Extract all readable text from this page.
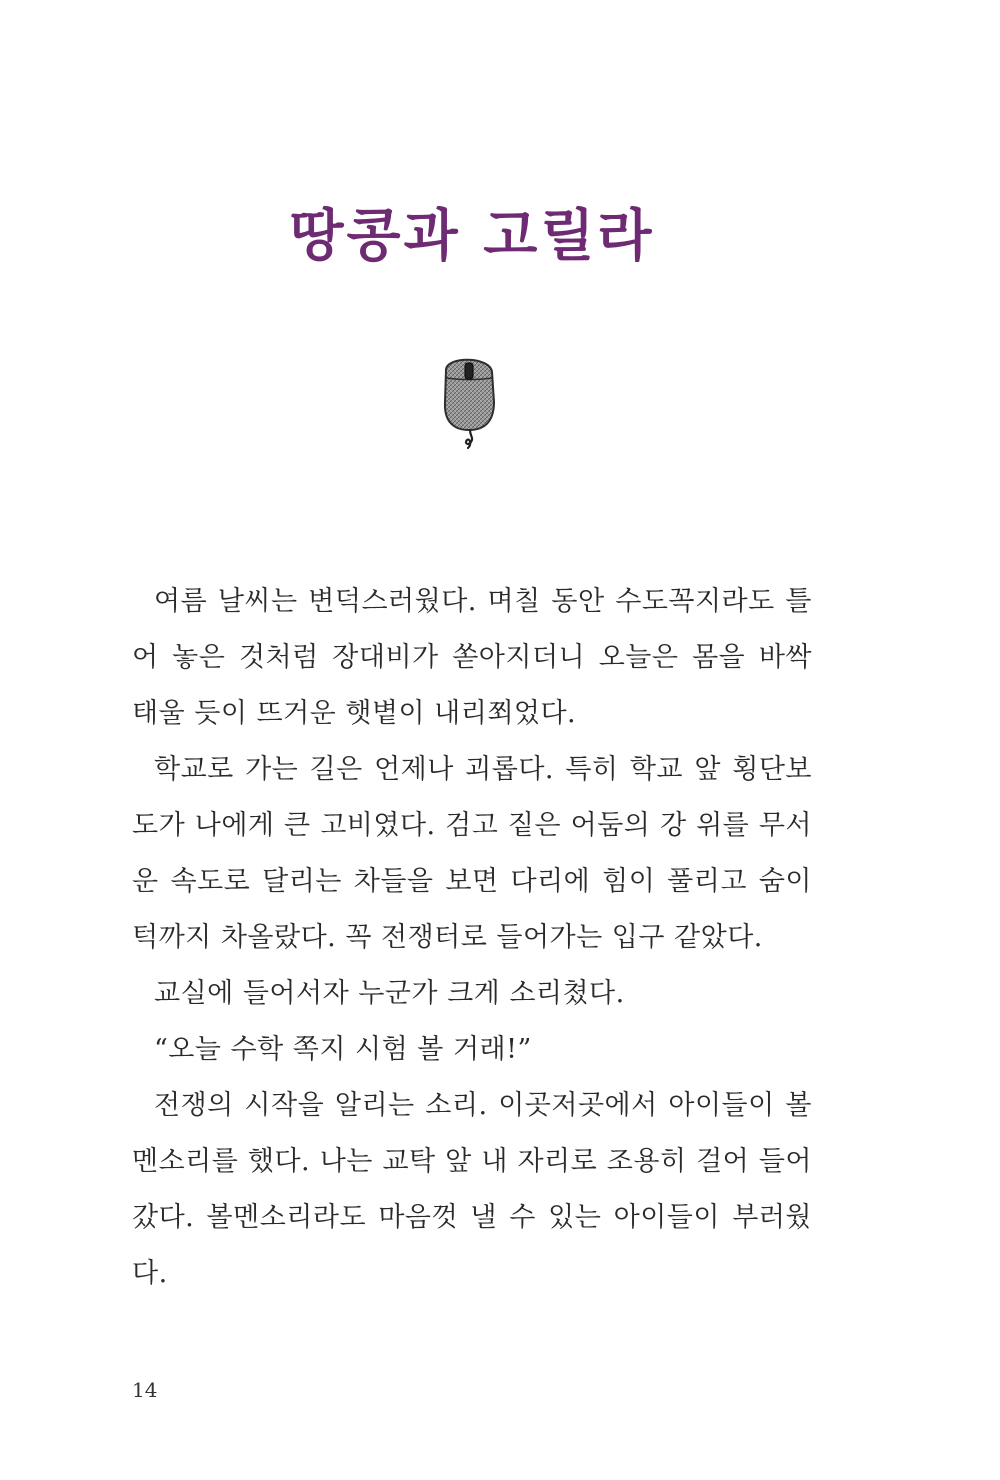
땅콩과 고릴라

여름 날씨는 변덕스러웠다. 며칠 동안 수도꼭지라도 틀어 놓은 것처럼 장대비가 쏟아지더니 오늘은 몸을 바싹 태울 듯이 뜨거운 햇볕이 내리쬐었다.

학교로 가는 길은 언제나 괴롭다. 특히 학교 앞 횡단보도가 나에게 큰 고비였다. 검고 짙은 어둠의 강 위를 무서운 속도로 달리는 차들을 보면 다리에 힘이 풀리고 숨이 턱까지 차올랐다. 꼭 전쟁터로 들어가는 입구 같았다.

교실에 들어서자 누군가 크게 소리쳤다.

“오늘 수학 쪽지 시험 볼 거래!”

전쟁의 시작을 알리는 소리. 이곳저곳에서 아이들이 볼멘소리를 했다. 나는 교탁 앞 내 자리로 조용히 걸어 들어갔다. 볼멘소리라도 마음껏 낼 수 있는 아이들이 부러웠다.

14
